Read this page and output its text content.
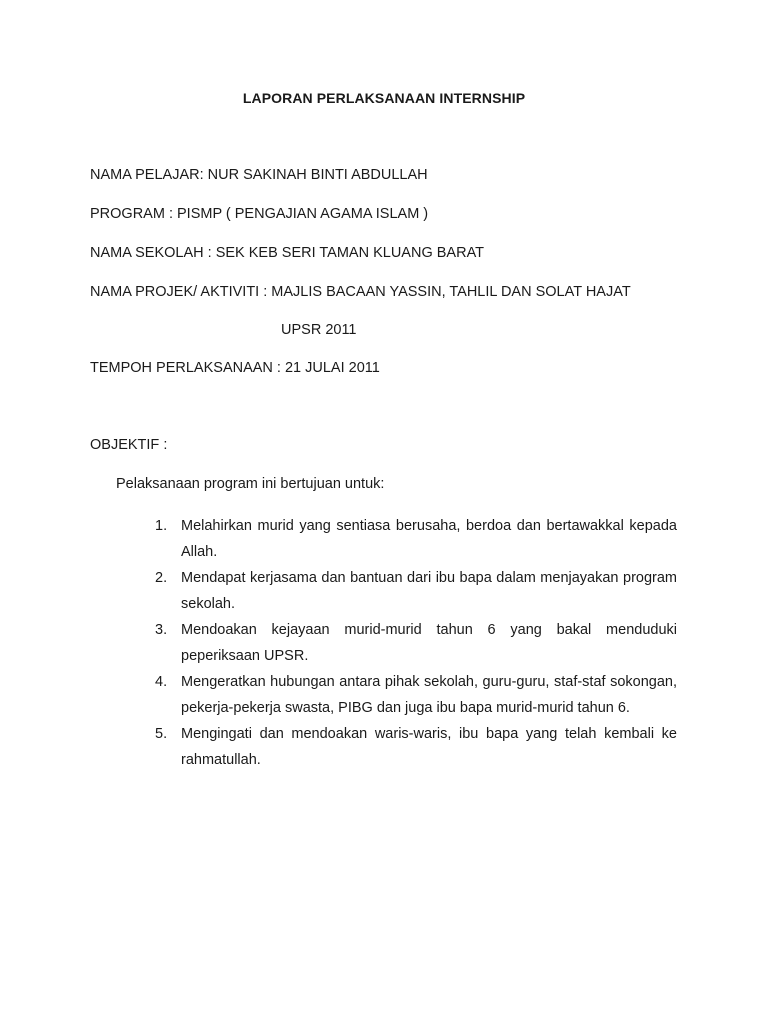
LAPORAN PERLAKSANAAN INTERNSHIP
NAMA PELAJAR: NUR SAKINAH BINTI ABDULLAH
PROGRAM : PISMP ( PENGAJIAN AGAMA ISLAM )
NAMA SEKOLAH : SEK KEB SERI TAMAN KLUANG BARAT
NAMA PROJEK/ AKTIVITI : MAJLIS BACAAN YASSIN, TAHLIL DAN SOLAT HAJAT
UPSR 2011
TEMPOH PERLAKSANAAN : 21 JULAI 2011
OBJEKTIF :
Pelaksanaan program ini bertujuan untuk:
1. Melahirkan murid yang sentiasa berusaha, berdoa dan bertawakkal kepada Allah.
2. Mendapat kerjasama dan bantuan dari ibu bapa dalam menjayakan program sekolah.
3. Mendoakan kejayaan murid-murid tahun 6 yang bakal menduduki peperiksaan UPSR.
4. Mengeratkan hubungan antara pihak sekolah, guru-guru, staf-staf sokongan, pekerja-pekerja swasta, PIBG dan juga ibu bapa murid-murid tahun 6.
5. Mengingati dan mendoakan waris-waris, ibu bapa yang telah kembali ke rahmatullah.
